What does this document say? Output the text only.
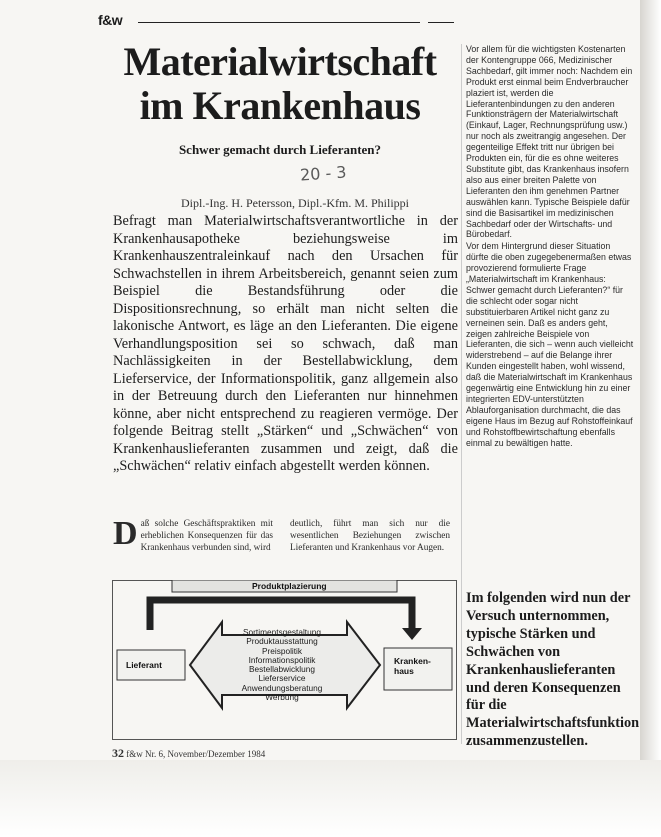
f&w
Materialwirtschaft
im Krankenhaus
Schwer gemacht durch Lieferanten?
20 - 3
Dipl.-Ing. H. Petersson, Dipl.-Kfm. M. Philippi
Befragt man Materialwirtschaftsverantwortliche in der Krankenhausapotheke beziehungsweise im Krankenhauszentraleinkauf nach den Ursachen für Schwachstellen in ihrem Arbeitsbereich, genannt seien zum Beispiel die Bestandsführung oder die Dispositionsrechnung, so erhält man nicht selten die lakonische Antwort, es läge an den Lieferanten. Die eigene Verhandlungsposition sei so schwach, daß man Nachlässigkeiten in der Bestellabwicklung, dem Lieferservice, der Informationspolitik, ganz allgemein also in der Betreuung durch den Lieferanten nur hinnehmen könne, aber nicht entsprechend zu reagieren vermöge. Der folgende Beitrag stellt „Stärken“ und „Schwächen“ von Krankenhauslieferanten zusammen und zeigt, daß die „Schwächen“ relativ einfach abgestellt werden können.
D aß solche Geschäftspraktiken mit erheblichen Konsequenzen für das Krankenhaus verbunden sind, wird
deutlich, führt man sich nur die wesentlichen Beziehungen zwischen Lieferanten und Krankenhaus vor Augen.
Produktplazierung
Lieferant	Kranken-
haus
Sortimentsgestaltung
Produktausstattung
Preispolitik
Informationspolitik
Bestellabwicklung
Lieferservice
Anwendungsberatung
Werbung
32 f&w Nr. 6, November/Dezember 1984

Vor allem für die wichtigsten Kostenarten der Kontengruppe 066, Medizinischer Sachbedarf, gilt immer noch: Nachdem ein Produkt erst einmal beim Endverbraucher plaziert ist, werden die Lieferantenbindungen zu den anderen Funktionsträgern der Materialwirtschaft (Einkauf, Lager, Rechnungsprüfung usw.) nur noch als zweitrangig angesehen. Der gegenteilige Effekt tritt nur übrigen bei Produkten ein, für die es ohne weiteres Substitute gibt, das Krankenhaus insofern also aus einer breiten Palette von Lieferanten den ihm genehmen Partner auswählen kann. Typische Beispiele dafür sind die Basisartikel im medizinischen Sachbedarf oder der Wirtschafts- und Bürobedarf.

Vor dem Hintergrund dieser Situation dürfte die oben zugegebenermaßen etwas provozierend formulierte Frage „Materialwirtschaft im Krankenhaus: Schwer gemacht durch Lieferanten?“ für die schlecht oder sogar nicht substituierbaren Artikel nicht ganz zu verneinen sein. Daß es anders geht, zeigen zahlreiche Beispiele von Lieferanten, die sich – wenn auch vielleicht widerstrebend – auf die Belange ihrer Kunden eingestellt haben, wohl wissend, daß die Materialwirtschaft im Krankenhaus gegenwärtig eine Entwicklung hin zu einer integrierten EDV-unterstützten Ablauforganisation durchmacht, die das eigene Haus im Bezug auf Rohstoffeinkauf und Rohstoffbewirtschaftung ebenfalls einmal zu bewältigen hatte.

Im folgenden wird nun der Versuch unternommen, typische Stärken und Schwächen von Krankenhauslieferanten und deren Konsequenzen für die Materialwirtschaftsfunktion zusammenzustellen.
